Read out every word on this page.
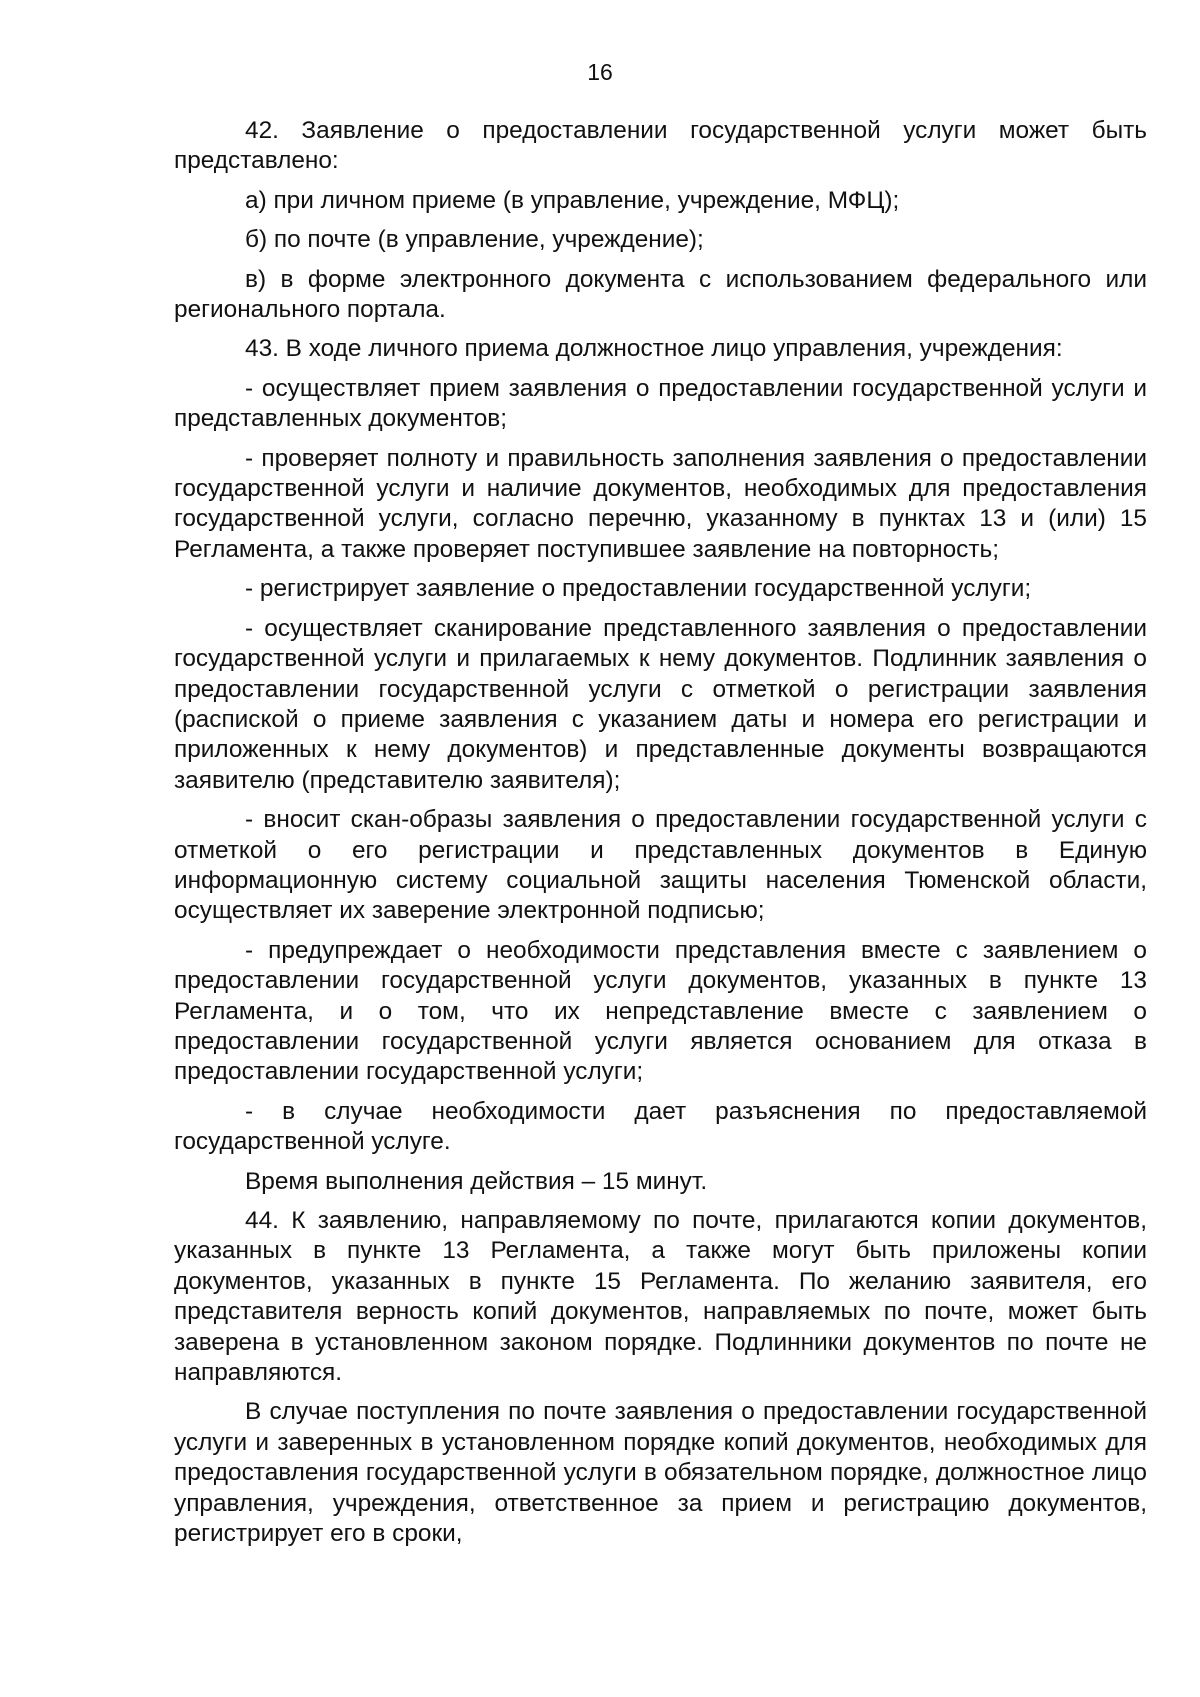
16

42. Заявление о предоставлении государственной услуги может быть представлено:

а) при личном приеме (в управление, учреждение, МФЦ);

б) по почте (в управление, учреждение);

в) в форме электронного документа с использованием федерального или регионального портала.

43. В ходе личного приема должностное лицо управления, учреждения:

- осуществляет прием заявления о предоставлении государственной услуги и представленных документов;

- проверяет полноту и правильность заполнения заявления о предоставлении государственной услуги и наличие документов, необходимых для предоставления государственной услуги, согласно перечню, указанному в пунктах 13 и (или) 15 Регламента, а также проверяет поступившее заявление на повторность;

- регистрирует заявление о предоставлении государственной услуги;

- осуществляет сканирование представленного заявления о предоставлении государственной услуги и прилагаемых к нему документов. Подлинник заявления о предоставлении государственной услуги с отметкой о регистрации заявления (распиской о приеме заявления с указанием даты и номера его регистрации и приложенных к нему документов) и представленные документы возвращаются заявителю (представителю заявителя);

- вносит скан-образы заявления о предоставлении государственной услуги с отметкой о его регистрации и представленных документов в Единую информационную систему социальной защиты населения Тюменской области, осуществляет их заверение электронной подписью;

- предупреждает о необходимости представления вместе с заявлением о предоставлении государственной услуги документов, указанных в пункте 13 Регламента, и о том, что их непредставление вместе с заявлением о предоставлении государственной услуги является основанием для отказа в предоставлении государственной услуги;

- в случае необходимости дает разъяснения по предоставляемой государственной услуге.

Время выполнения действия – 15 минут.

44. К заявлению, направляемому по почте, прилагаются копии документов, указанных в пункте 13 Регламента, а также могут быть приложены копии документов, указанных в пункте 15 Регламента. По желанию заявителя, его представителя верность копий документов, направляемых по почте, может быть заверена в установленном законом порядке. Подлинники документов по почте не направляются.

В случае поступления по почте заявления о предоставлении государственной услуги и заверенных в установленном порядке копий документов, необходимых для предоставления государственной услуги в обязательном порядке, должностное лицо управления, учреждения, ответственное за прием и регистрацию документов, регистрирует его в сроки,
